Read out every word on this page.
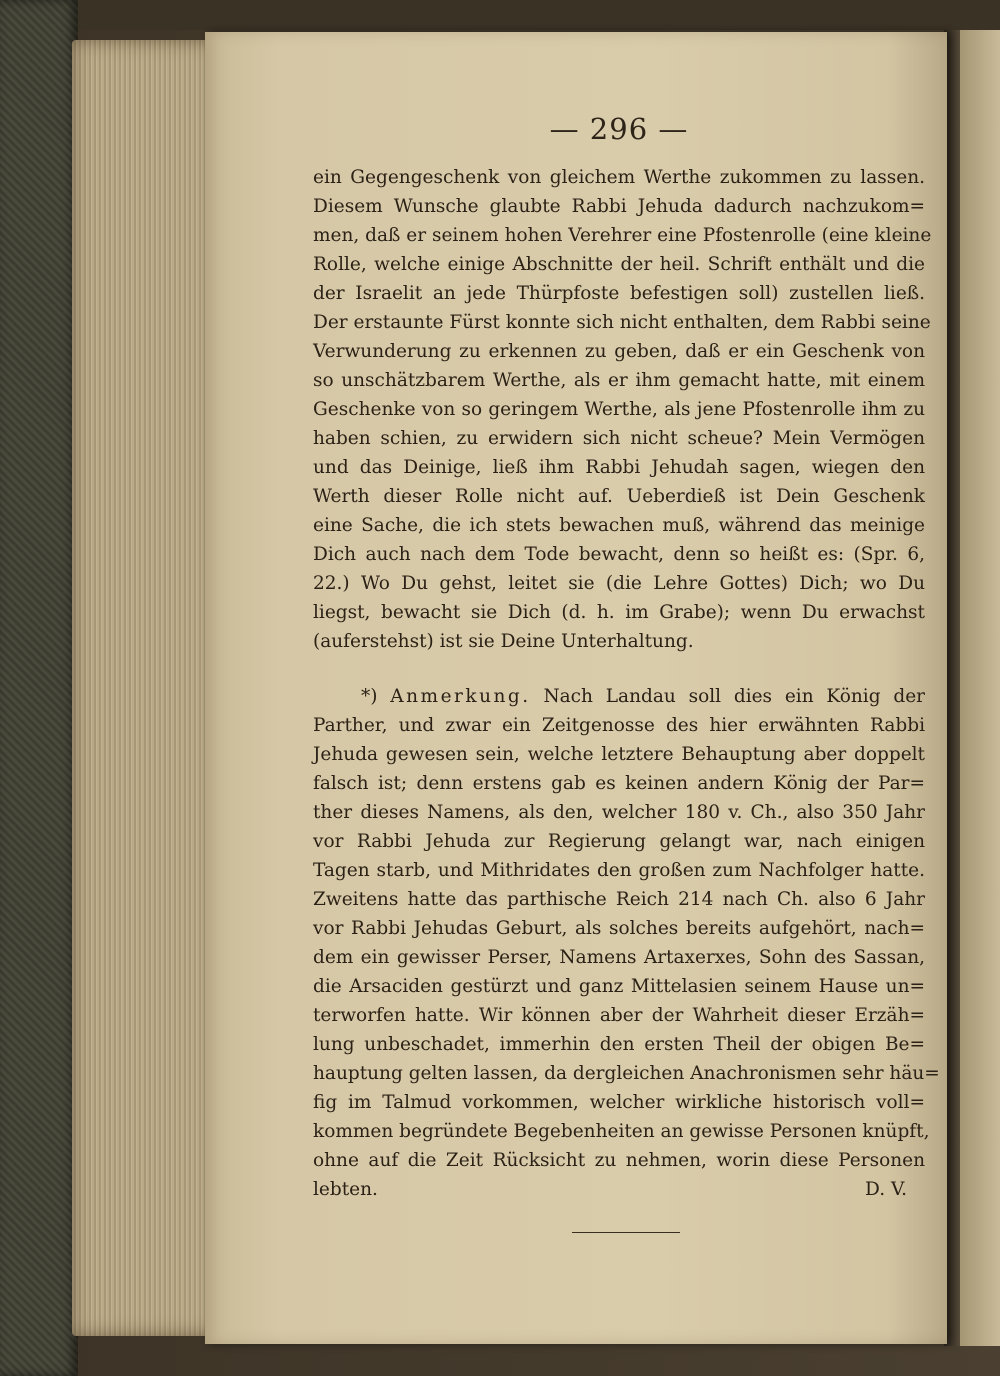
— 296 —
ein Gegengeschenk von gleichem Werthe zukommen zu lassen.
Diesem Wunsche glaubte Rabbi Jehuda dadurch nachzukom=
men, daß er seinem hohen Verehrer eine Pfostenrolle (eine kleine
Rolle, welche einige Abschnitte der heil. Schrift enthält und die
der Israelit an jede Thürpfoste befestigen soll) zustellen ließ.
Der erstaunte Fürst konnte sich nicht enthalten, dem Rabbi seine
Verwunderung zu erkennen zu geben, daß er ein Geschenk von
so unschätzbarem Werthe, als er ihm gemacht hatte, mit einem
Geschenke von so geringem Werthe, als jene Pfostenrolle ihm zu
haben schien, zu erwidern sich nicht scheue? Mein Vermögen
und das Deinige, ließ ihm Rabbi Jehudah sagen, wiegen den
Werth dieser Rolle nicht auf. Ueberdieß ist Dein Geschenk
eine Sache, die ich stets bewachen muß, während das meinige
Dich auch nach dem Tode bewacht, denn so heißt es: (Spr. 6,
22.) Wo Du gehst, leitet sie (die Lehre Gottes) Dich; wo Du
liegst, bewacht sie Dich (d. h. im Grabe); wenn Du erwachst
(auferstehst) ist sie Deine Unterhaltung.
*) Anmerkung. Nach Landau soll dies ein König der
Parther, und zwar ein Zeitgenosse des hier erwähnten Rabbi
Jehuda gewesen sein, welche letztere Behauptung aber doppelt
falsch ist; denn erstens gab es keinen andern König der Par=
ther dieses Namens, als den, welcher 180 v. Ch., also 350 Jahr
vor Rabbi Jehuda zur Regierung gelangt war, nach einigen
Tagen starb, und Mithridates den großen zum Nachfolger hatte.
Zweitens hatte das parthische Reich 214 nach Ch. also 6 Jahr
vor Rabbi Jehudas Geburt, als solches bereits aufgehört, nach=
dem ein gewisser Perser, Namens Artaxerxes, Sohn des Sassan,
die Arsaciden gestürzt und ganz Mittelasien seinem Hause un=
terworfen hatte. Wir können aber der Wahrheit dieser Erzäh=
lung unbeschadet, immerhin den ersten Theil der obigen Be=
hauptung gelten lassen, da dergleichen Anachronismen sehr häu=
fig im Talmud vorkommen, welcher wirkliche historisch voll=
kommen begründete Begebenheiten an gewisse Personen knüpft,
ohne auf die Zeit Rücksicht zu nehmen, worin diese Personen
lebten.	D. V.
